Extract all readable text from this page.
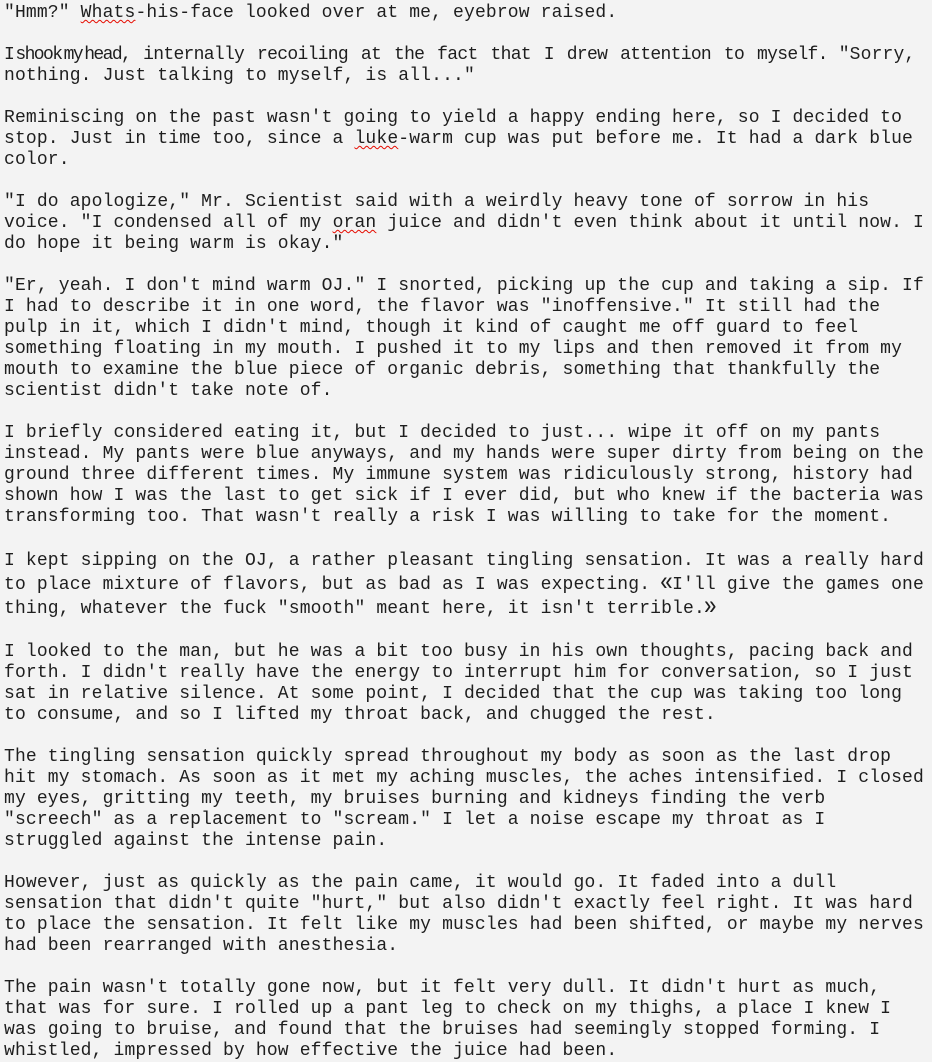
"Hmm?" Whats-his-face looked over at me, eyebrow raised.

I shook my head, internally recoiling at the fact that I drew attention to myself. "Sorry, nothing. Just talking to myself, is all..."

Reminiscing on the past wasn't going to yield a happy ending here, so I decided to stop. Just in time too, since a luke-warm cup was put before me. It had a dark blue color.

"I do apologize," Mr. Scientist said with a weirdly heavy tone of sorrow in his voice. "I condensed all of my oran juice and didn't even think about it until now. I do hope it being warm is okay."

"Er, yeah. I don't mind warm OJ." I snorted, picking up the cup and taking a sip. If I had to describe it in one word, the flavor was "inoffensive." It still had the pulp in it, which I didn't mind, though it kind of caught me off guard to feel something floating in my mouth. I pushed it to my lips and then removed it from my mouth to examine the blue piece of organic debris, something that thankfully the scientist didn't take note of.

I briefly considered eating it, but I decided to just... wipe it off on my pants instead. My pants were blue anyways, and my hands were super dirty from being on the ground three different times. My immune system was ridiculously strong, history had shown how I was the last to get sick if I ever did, but who knew if the bacteria was transforming too. That wasn't really a risk I was willing to take for the moment.

I kept sipping on the OJ, a rather pleasant tingling sensation. It was a really hard to place mixture of flavors, but as bad as I was expecting. «I'll give the games one thing, whatever the fuck "smooth" meant here, it isn't terrible.»

I looked to the man, but he was a bit too busy in his own thoughts, pacing back and forth. I didn't really have the energy to interrupt him for conversation, so I just sat in relative silence. At some point, I decided that the cup was taking too long to consume, and so I lifted my throat back, and chugged the rest.

The tingling sensation quickly spread throughout my body as soon as the last drop hit my stomach. As soon as it met my aching muscles, the aches intensified. I closed my eyes, gritting my teeth, my bruises burning and kidneys finding the verb "screech" as a replacement to "scream." I let a noise escape my throat as I struggled against the intense pain.

However, just as quickly as the pain came, it would go. It faded into a dull sensation that didn't quite "hurt," but also didn't exactly feel right. It was hard to place the sensation. It felt like my muscles had been shifted, or maybe my nerves had been rearranged with anesthesia.

The pain wasn't totally gone now, but it felt very dull. It didn't hurt as much, that was for sure. I rolled up a pant leg to check on my thighs, a place I knew I was going to bruise, and found that the bruises had seemingly stopped forming. I whistled, impressed by how effective the juice had been.
